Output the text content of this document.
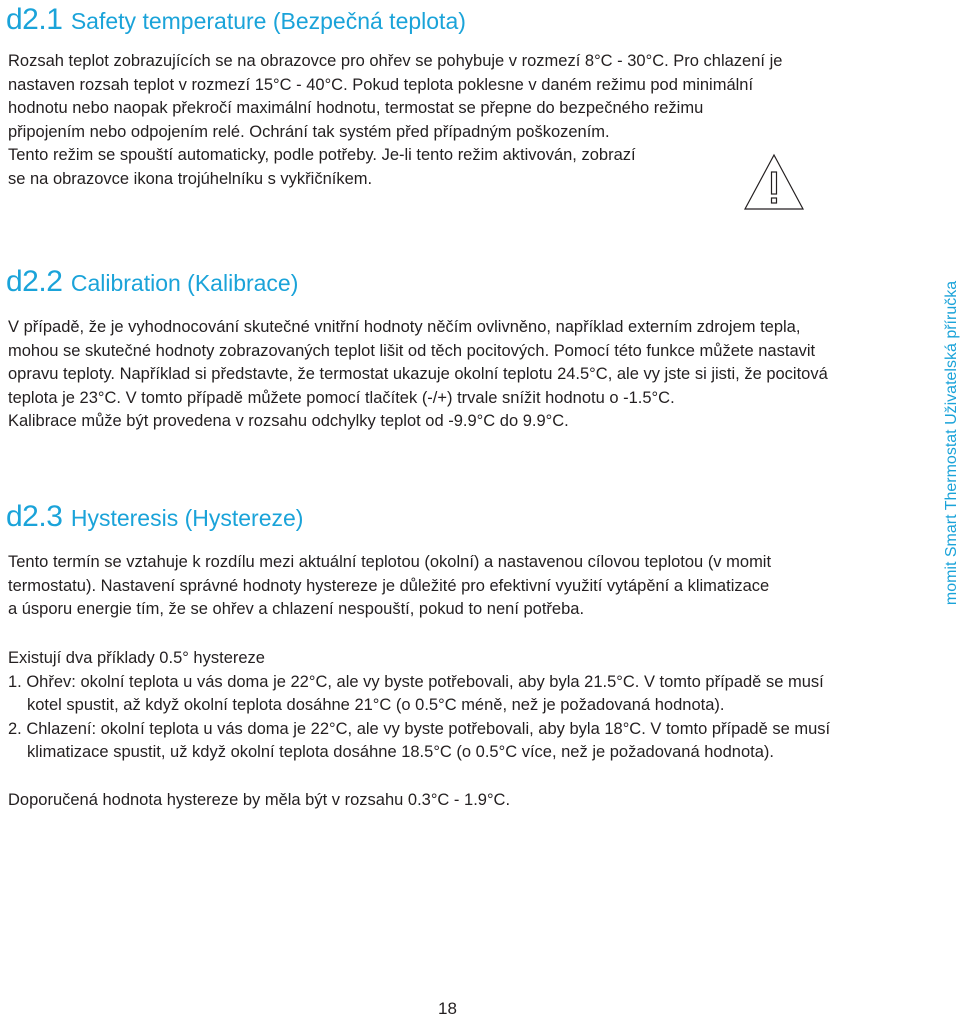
d2.1 Safety temperature (Bezpečná teplota)
Rozsah teplot zobrazujících se na obrazovce pro ohřev se pohybuje v rozmezí 8°C - 30°C. Pro chlazení je
nastaven rozsah teplot v rozmezí 15°C - 40°C. Pokud teplota poklesne v daném režimu pod minimální
hodnotu nebo naopak překročí maximální hodnotu, termostat se přepne do bezpečného režimu
připojením nebo odpojením relé. Ochrání tak systém před případným poškozením.
Tento režim se spouští automaticky, podle potřeby. Je-li tento režim aktivován, zobrazí
se na obrazovce ikona trojúhelníku s vykřičníkem.
d2.2 Calibration (Kalibrace)
V případě, že je vyhodnocování skutečné vnitřní hodnoty něčím ovlivněno, například externím zdrojem tepla,
mohou se skutečné hodnoty zobrazovaných teplot lišit od těch pocitových. Pomocí této funkce můžete nastavit
opravu teploty. Například si představte, že termostat ukazuje okolní teplotu 24.5°C, ale vy jste si jisti, že pocitová
teplota je 23°C. V tomto případě můžete pomocí tlačítek (-/+) trvale snížit hodnotu o -1.5°C.
Kalibrace může být provedena v rozsahu odchylky teplot od -9.9°C do 9.9°C.
d2.3 Hysteresis (Hystereze)
Tento termín se vztahuje k rozdílu mezi aktuální teplotou (okolní) a nastavenou cílovou teplotou (v momit
termostatu). Nastavení správné hodnoty hystereze je důležité pro efektivní využití vytápění a klimatizace
a úsporu energie tím, že se ohřev a chlazení nespouští, pokud to není potřeba.
Existují dva příklady 0.5° hystereze
1. Ohřev: okolní teplota u vás doma je 22°C, ale vy byste potřebovali, aby byla 21.5°C. V tomto případě se musí
kotel spustit, až když okolní teplota dosáhne 21°C (o 0.5°C méně, než je požadovaná hodnota).
2. Chlazení: okolní teplota u vás doma je 22°C, ale vy byste potřebovali, aby byla 18°C. V tomto případě se musí
klimatizace spustit, už když okolní teplota dosáhne 18.5°C (o 0.5°C více, než je požadovaná hodnota).
Doporučená hodnota hystereze by měla být v rozsahu 0.3°C - 1.9°C.
momit Smart Thermostat Uživatelská příručka
18
